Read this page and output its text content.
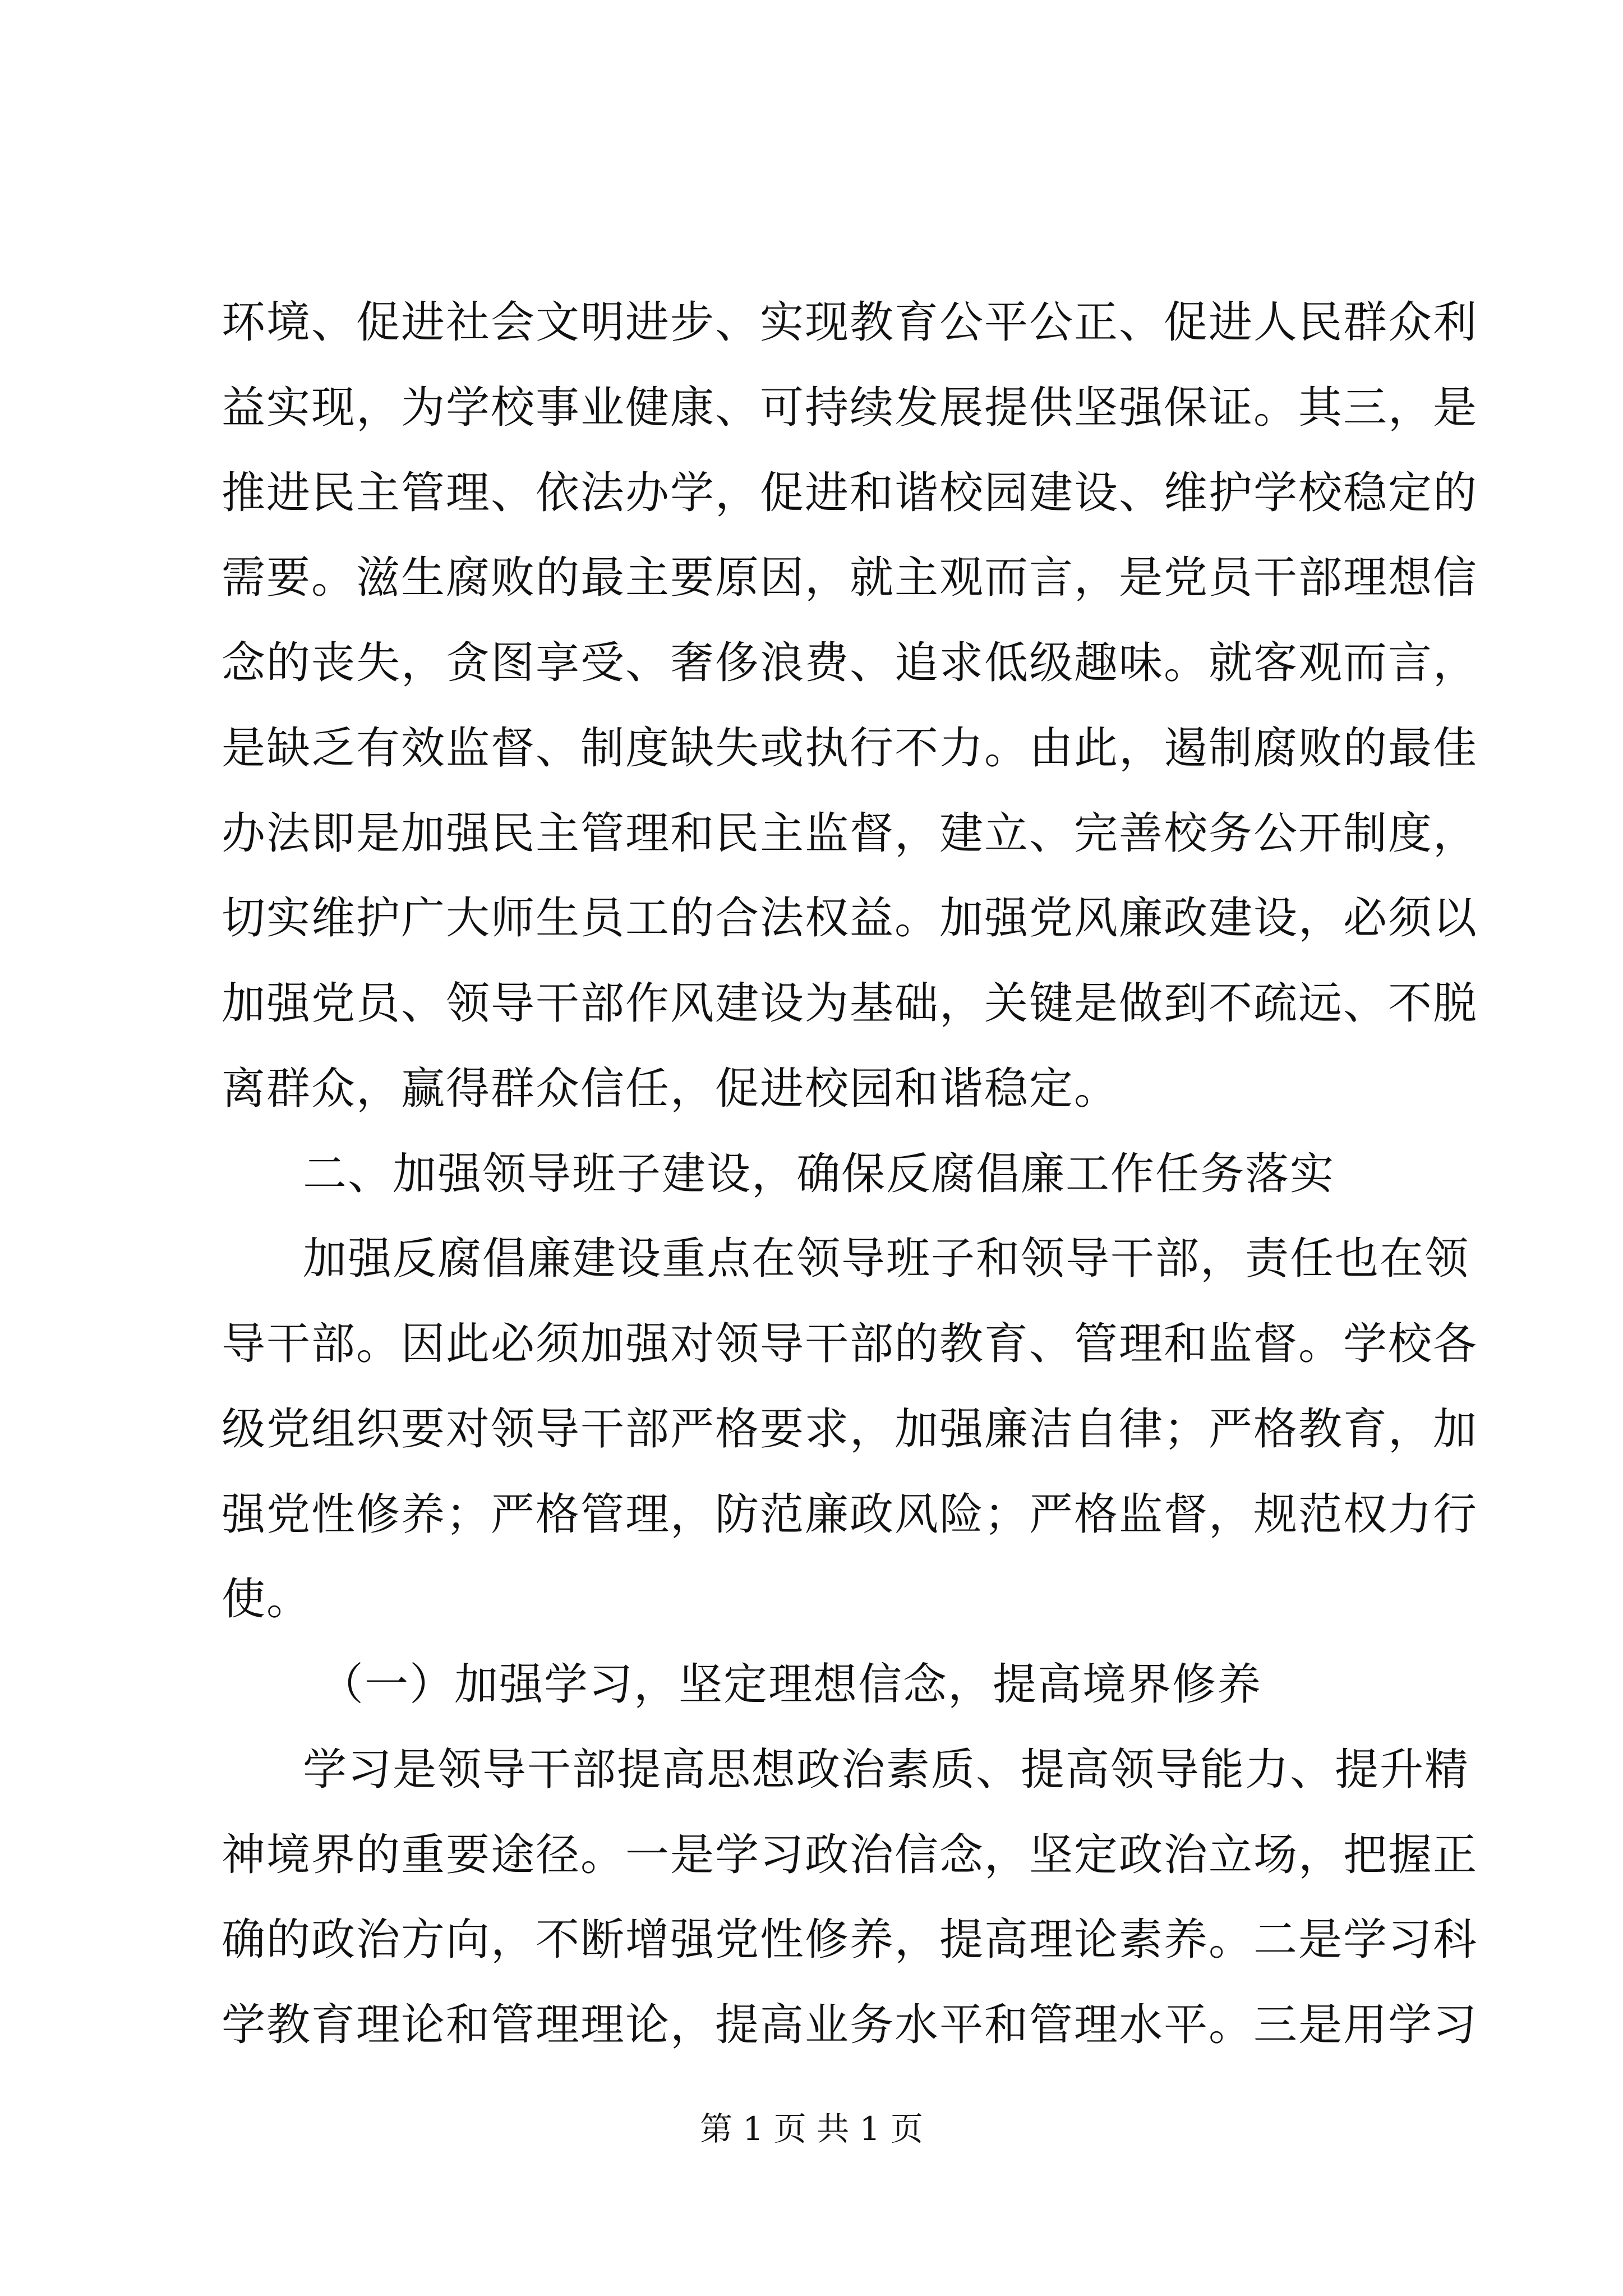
环境、促进社会文明进步、实现教育公平公正、促进人民群众利
益实现，为学校事业健康、可持续发展提供坚强保证。其三，是
推进民主管理、依法办学，促进和谐校园建设、维护学校稳定的
需要。滋生腐败的最主要原因，就主观而言，是党员干部理想信
念的丧失，贪图享受、奢侈浪费、追求低级趣味。就客观而言，
是缺乏有效监督、制度缺失或执行不力。由此，遏制腐败的最佳
办法即是加强民主管理和民主监督，建立、完善校务公开制度，
切实维护广大师生员工的合法权益。加强党风廉政建设，必须以
加强党员、领导干部作风建设为基础，关键是做到不疏远、不脱
离群众，赢得群众信任，促进校园和谐稳定。
二、加强领导班子建设，确保反腐倡廉工作任务落实
加强反腐倡廉建设重点在领导班子和领导干部，责任也在领
导干部。因此必须加强对领导干部的教育、管理和监督。学校各
级党组织要对领导干部严格要求，加强廉洁自律；严格教育，加
强党性修养；严格管理，防范廉政风险；严格监督，规范权力行
使。
（一）加强学习，坚定理想信念，提高境界修养
学习是领导干部提高思想政治素质、提高领导能力、提升精
神境界的重要途径。一是学习政治信念，坚定政治立场，把握正
确的政治方向，不断增强党性修养，提高理论素养。二是学习科
学教育理论和管理理论，提高业务水平和管理水平。三是用学习
第 1 页 共 1 页
